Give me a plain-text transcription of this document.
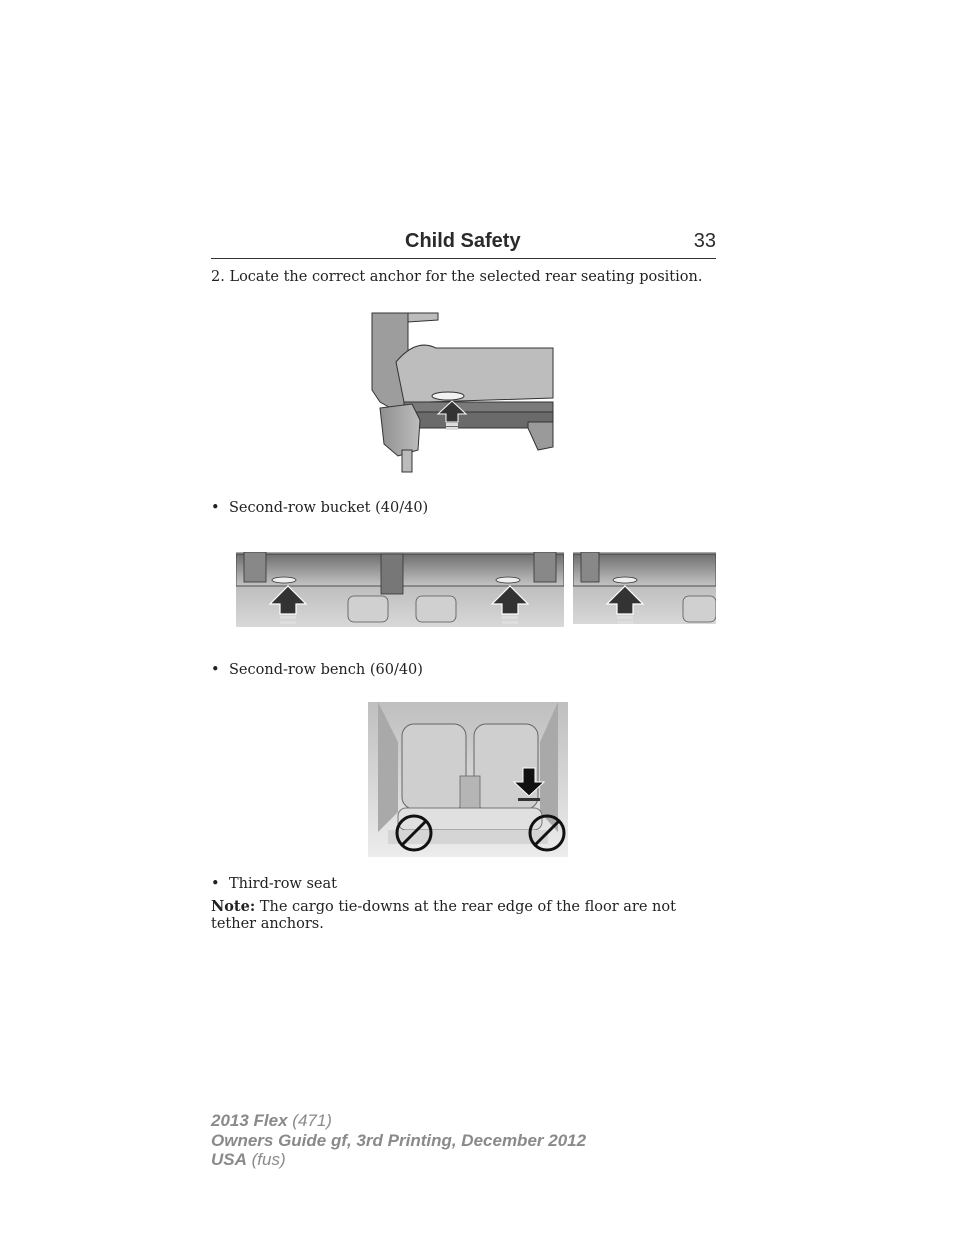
Child Safety	33
2. Locate the correct anchor for the selected rear seating position.
• Second-row bucket (40/40)
• Second-row bench (60/40)
• Third-row seat
Note: The cargo tie-downs at the rear edge of the floor are not tether anchors.
2013 Flex (471)
Owners Guide gf, 3rd Printing, December 2012
USA (fus)
